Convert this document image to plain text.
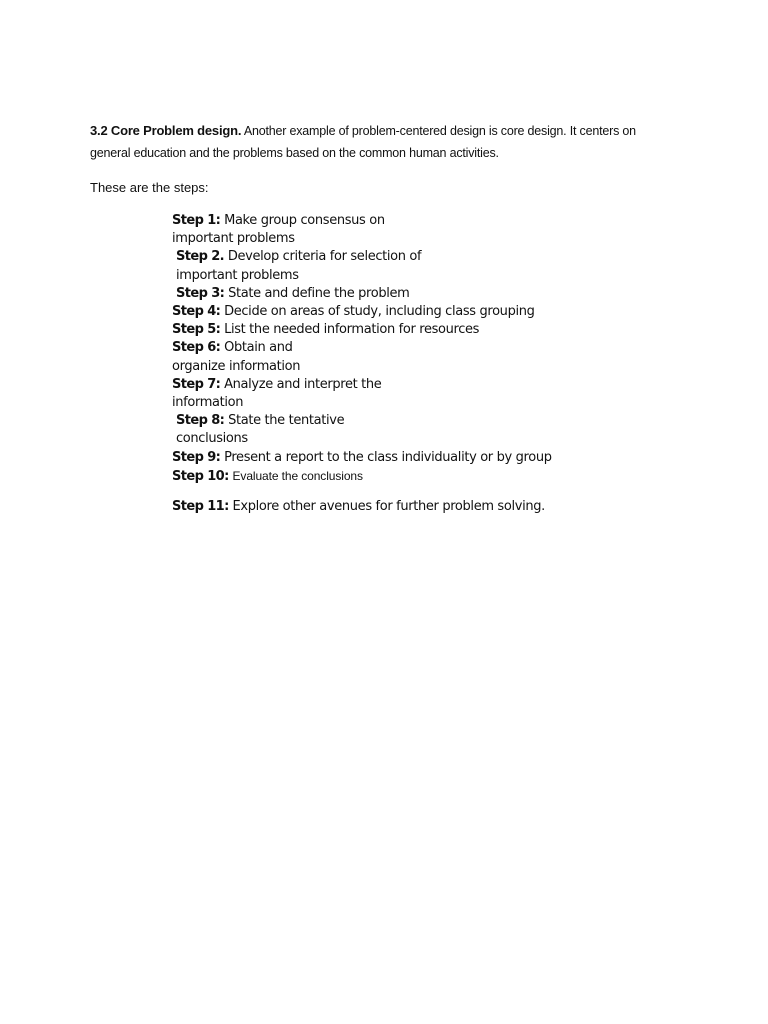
3.2 Core Problem design. Another example of problem-centered design is core design. It centers on general education and the problems based on the common human activities.
These are the steps:

Step 1: Make group consensus on important problems

Step 2. Develop criteria for selection of important problems

Step 3: State and define the problem

Step 4: Decide on areas of study, including class grouping

Step 5: List the needed information for resources

Step 6: Obtain and organize information

Step 7: Analyze and interpret the information

Step 8: State the tentative conclusions

Step 9: Present a report to the class individuality or by group

Step 10: Evaluate the conclusions

Step 11: Explore other avenues for further problem solving.
